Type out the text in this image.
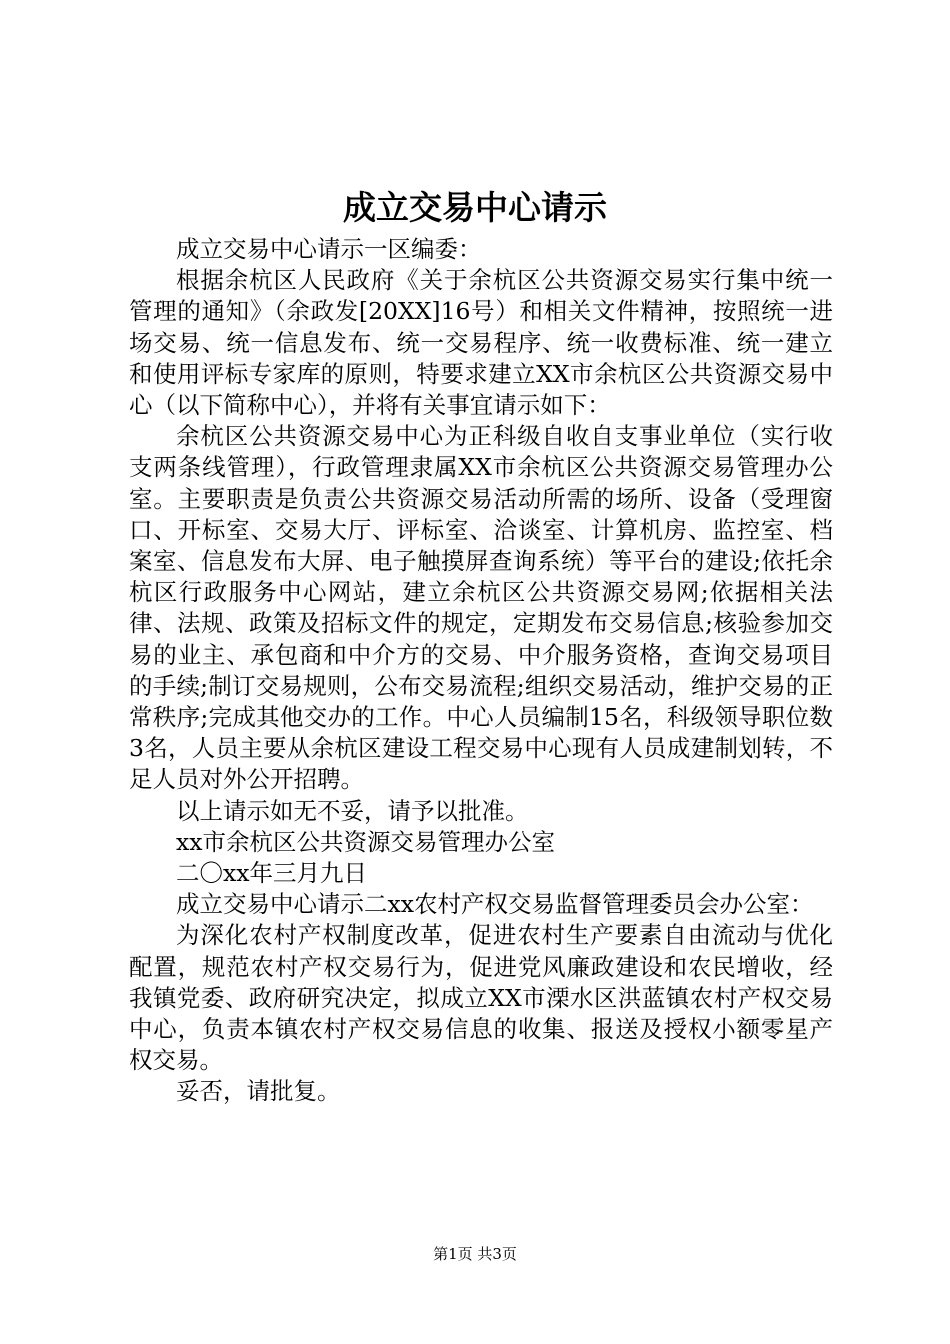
成立交易中心请示

成立交易中心请示一区编委：

根据余杭区人民政府《关于余杭区公共资源交易实行集中统一管理的通知》（余政发[20XX]16号）和相关文件精神，按照统一进场交易、统一信息发布、统一交易程序、统一收费标准、统一建立和使用评标专家库的原则，特要求建立XX市余杭区公共资源交易中心（以下简称中心），并将有关事宜请示如下：

余杭区公共资源交易中心为正科级自收自支事业单位（实行收支两条线管理），行政管理隶属XX市余杭区公共资源交易管理办公室。主要职责是负责公共资源交易活动所需的场所、设备（受理窗口、开标室、交易大厅、评标室、洽谈室、计算机房、监控室、档案室、信息发布大屏、电子触摸屏查询系统）等平台的建设;依托余杭区行政服务中心网站，建立余杭区公共资源交易网;依据相关法律、法规、政策及招标文件的规定，定期发布交易信息;核验参加交易的业主、承包商和中介方的交易、中介服务资格，查询交易项目的手续;制订交易规则，公布交易流程;组织交易活动，维护交易的正常秩序;完成其他交办的工作。中心人员编制15名，科级领导职位数3名，人员主要从余杭区建设工程交易中心现有人员成建制划转，不足人员对外公开招聘。

以上请示如无不妥，请予以批准。

xx市余杭区公共资源交易管理办公室

二〇xx年三月九日

成立交易中心请示二xx农村产权交易监督管理委员会办公室：

为深化农村产权制度改革，促进农村生产要素自由流动与优化配置，规范农村产权交易行为，促进党风廉政建设和农民增收，经我镇党委、政府研究决定，拟成立XX市溧水区洪蓝镇农村产权交易中心，负责本镇农村产权交易信息的收集、报送及授权小额零星产权交易。

妥否，请批复。

第1页 共3页
